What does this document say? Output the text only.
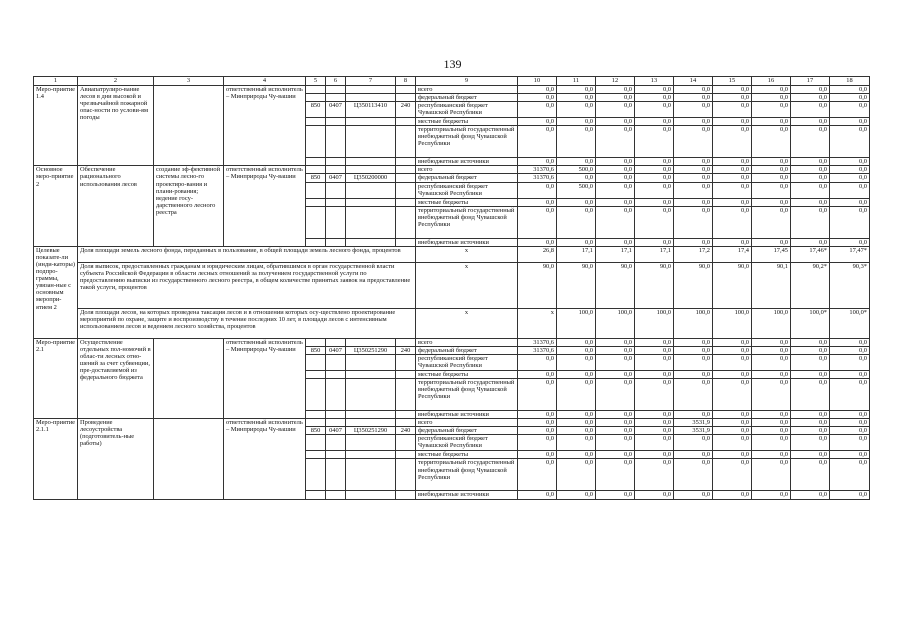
139
1	2	3	4	5	6	7	8	9	10	11	12	13	14	15	16	17	18
Меро-приятие 1.4	Авиапатрулиро-вание лесов в дни высокой и чрезвычайной пожарной опас-ности по услови-ям погоды		ответственный исполнитель – Минприроды Чу-вашии					всего	0,0	0,0	0,0	0,0	0,0	0,0	0,0	0,0	0,0
								федеральный бюджет	0,0	0,0	0,0	0,0	0,0	0,0	0,0	0,0	0,0
				850	0407	Ц350113410	240	республиканский бюджет Чувашской Республики	0,0	0,0	0,0	0,0	0,0	0,0	0,0	0,0	0,0
								местные бюджеты	0,0	0,0	0,0	0,0	0,0	0,0	0,0	0,0	0,0
								территориальный государственный внебюджетный фонд Чувашской Республики	0,0	0,0	0,0	0,0	0,0	0,0	0,0	0,0	0,0
								внебюджетные источники	0,0	0,0	0,0	0,0	0,0	0,0	0,0	0,0	0,0
Основное меро-приятие 2	Обеспечение рационального использования лесов	создание эф-фективной системы лесно-го проектиро-вания и плани-рования; ведение госу-дарственного лесного реестра	ответственный исполнитель – Минприроды Чу-вашии					всего	31370,6	500,0	0,0	0,0	0,0	0,0	0,0	0,0	0,0
				850	0407	Ц350200000		федеральный бюджет	31370,6	0,0	0,0	0,0	0,0	0,0	0,0	0,0	0,0
								республиканский бюджет Чувашской Республики	0,0	500,0	0,0	0,0	0,0	0,0	0,0	0,0	0,0
								местные бюджеты	0,0	0,0	0,0	0,0	0,0	0,0	0,0	0,0	0,0
								территориальный государственный внебюджетный фонд Чувашской Республики	0,0	0,0	0,0	0,0	0,0	0,0	0,0	0,0	0,0
								внебюджетные источники	0,0	0,0	0,0	0,0	0,0	0,0	0,0	0,0	0,0
Целевые показате-ли (инди-каторы) подпро-граммы, увязан-ные с основным меропри-ятием 2	Доля площади земель лесного фонда, переданных в пользование, в общей площади земель лесного фонда, процентов							х	26,8	17,1	17,1	17,1	17,2	17,4	17,45	17,46*	17,47*
	Доля выписок, предоставленных гражданам и юридическим лицам, обратившимся в орган государственной власти субъекта Российской Федерации в области лесных отношений за получением государственной услуги по предоставлению выписки из государственного лесного реестра, в общем количестве принятых заявок на предоставление такой услуги, процентов							х	90,0	90,0	90,0	90,0	90,0	90,0	90,1	90,2*	90,3*
	Доля площади лесов, на которых проведена таксация лесов и в отношении которых осу-ществлено проектирование мероприятий по охране, защите и воспроизводству в течение последних 10 лет, в площади лесов с интенсивным использованием лесов и ведением лесного хозяйства, процентов							х	х	100,0	100,0	100,0	100,0	100,0	100,0	100,0*	100,0*
Меро-приятие 2.1	Осуществление отдельных пол-номочий в облас-ти лесных отно-шений за счет субвенции, пре-доставляемой из федерального бюджета		ответственный исполнитель – Минприроды Чу-вашии					всего	31370,6	0,0	0,0	0,0	0,0	0,0	0,0	0,0	0,0
				850	0407	Ц350251290	240	федеральный бюджет	31370,6	0,0	0,0	0,0	0,0	0,0	0,0	0,0	0,0
								республиканский бюджет Чувашской Республики	0,0	0,0	0,0	0,0	0,0	0,0	0,0	0,0	0,0
								местные бюджеты	0,0	0,0	0,0	0,0	0,0	0,0	0,0	0,0	0,0
								территориальный государственный внебюджетный фонд Чувашской Республики	0,0	0,0	0,0	0,0	0,0	0,0	0,0	0,0	0,0
								внебюджетные источники	0,0	0,0	0,0	0,0	0,0	0,0	0,0	0,0	0,0
Меро-приятие 2.1.1	Проведение лесоустройства (подготовитель-ные работы)		ответственный исполнитель – Минприроды Чу-вашии					всего	0,0	0,0	0,0	0,0	3531,9	0,0	0,0	0,0	0,0
				850	0407	Ц350251290	240	федеральный бюджет	0,0	0,0	0,0	0,0	3531,9	0,0	0,0	0,0	0,0
								республиканский бюджет Чувашской Республики	0,0	0,0	0,0	0,0	0,0	0,0	0,0	0,0	0,0
								местные бюджеты	0,0	0,0	0,0	0,0	0,0	0,0	0,0	0,0	0,0
								территориальный государственный внебюджетный фонд Чувашской Республики	0,0	0,0	0,0	0,0	0,0	0,0	0,0	0,0	0,0
								внебюджетные источники	0,0	0,0	0,0	0,0	0,0	0,0	0,0	0,0	0,0
